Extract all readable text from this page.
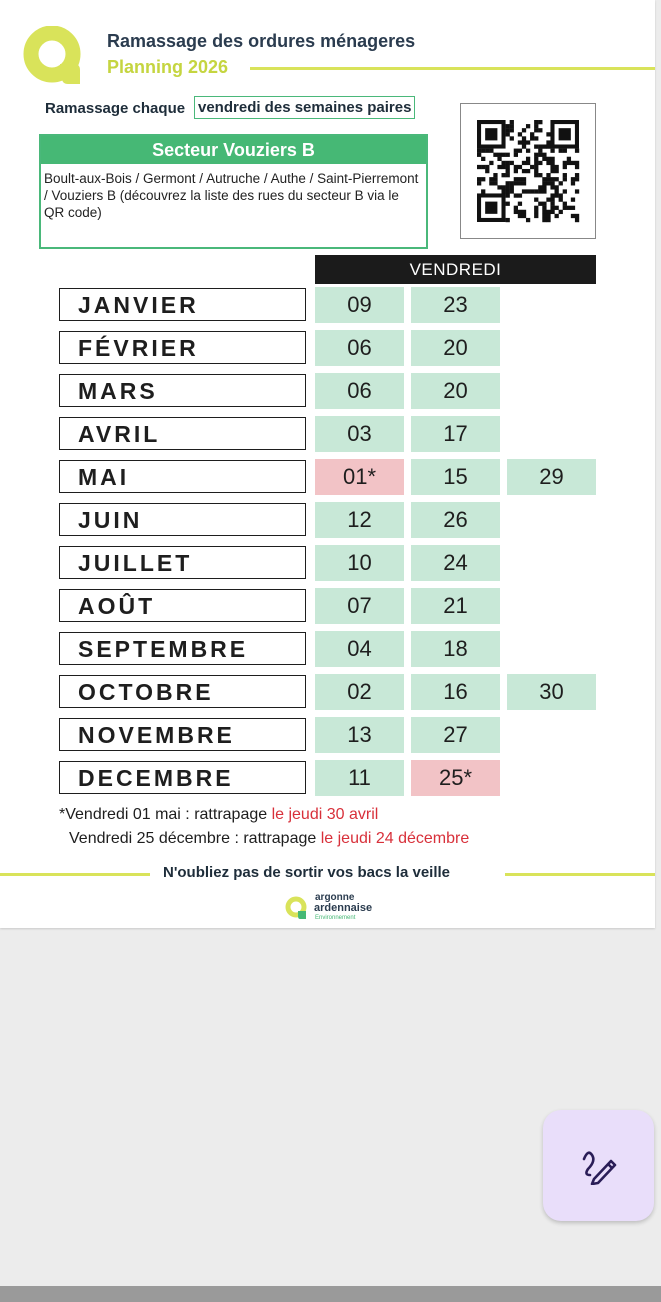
Ramassage des ordures ménageres
Planning 2026
Ramassage chaque vendredi des semaines paires
Secteur Vouziers B
Boult-aux-Bois / Germont / Autruche / Authe / Saint-Pierremont / Vouziers B (découvrez la liste des rues du secteur B via le QR code)
VENDREDI
JANVIER	09	23
FÉVRIER	06	20
MARS	06	20
AVRIL	03	17
MAI	01*	15	29
JUIN	12	26
JUILLET	10	24
AOÛT	07	21
SEPTEMBRE	04	18
OCTOBRE	02	16	30
NOVEMBRE	13	27
DECEMBRE	11	25*
*Vendredi 01 mai : rattrapage le jeudi 30 avril
Vendredi 25 décembre : rattrapage le jeudi 24 décembre
N'oubliez pas de sortir vos bacs la veille
argonne
ardennaise
Environnement
